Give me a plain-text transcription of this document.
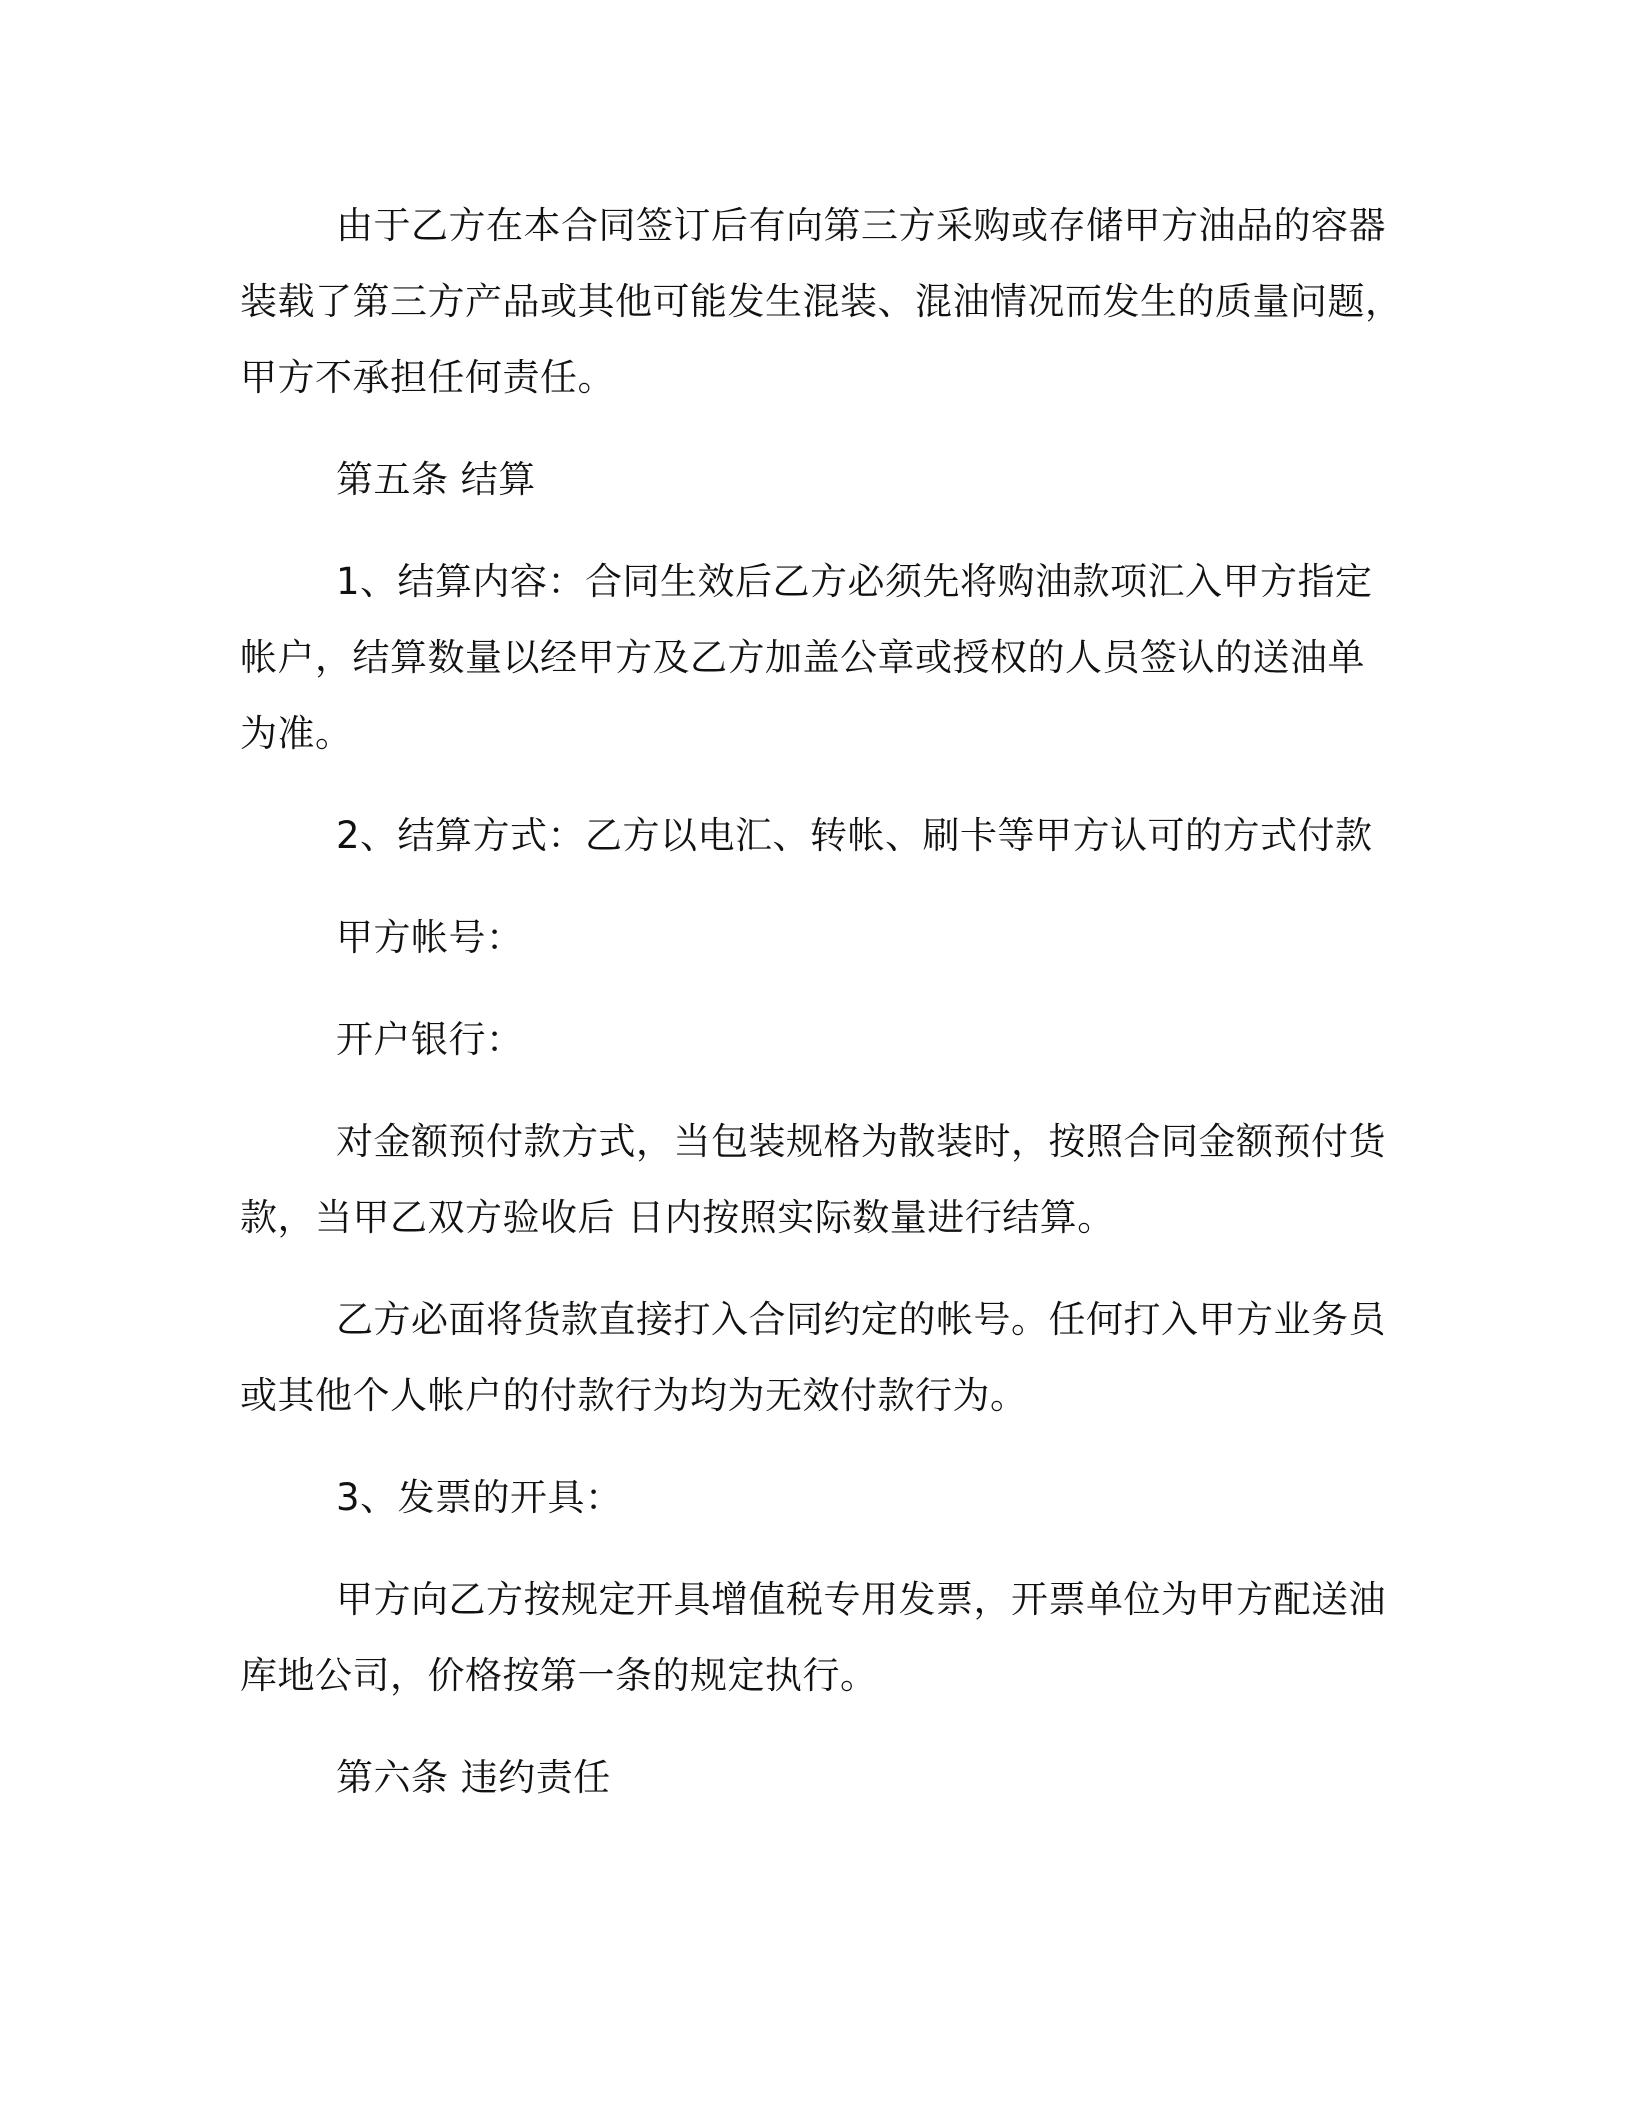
由于乙方在本合同签订后有向第三方采购或存储甲方油品的容器
装载了第三方产品或其他可能发生混装、混油情况而发生的质量问题，
甲方不承担任何责任。

第五条 结算

1、结算内容：合同生效后乙方必须先将购油款项汇入甲方指定
帐户，结算数量以经甲方及乙方加盖公章或授权的人员签认的送油单
为准。

2、结算方式：乙方以电汇、转帐、刷卡等甲方认可的方式付款

甲方帐号：

开户银行：

对金额预付款方式，当包装规格为散装时，按照合同金额预付货
款，当甲乙双方验收后 日内按照实际数量进行结算。

乙方必面将货款直接打入合同约定的帐号。任何打入甲方业务员
或其他个人帐户的付款行为均为无效付款行为。

3、发票的开具：

甲方向乙方按规定开具增值税专用发票，开票单位为甲方配送油
库地公司，价格按第一条的规定执行。

第六条 违约责任
